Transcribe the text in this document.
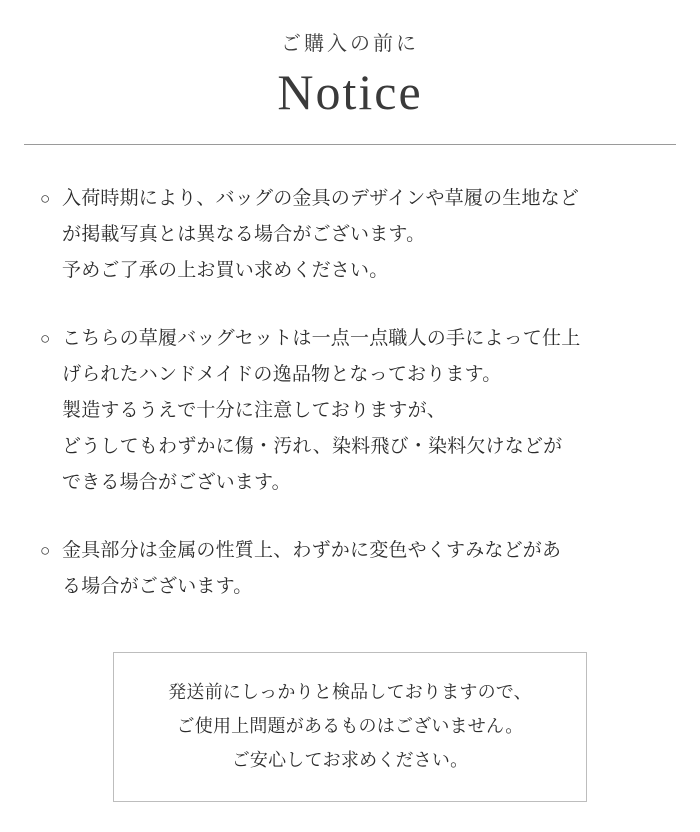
ご購入の前に
Notice
○ 入荷時期により、バッグの金具のデザインや草履の生地など
が掲載写真とは異なる場合がございます。
予めご了承の上お買い求めください。
○ こちらの草履バッグセットは一点一点職人の手によって仕上
げられたハンドメイドの逸品物となっております。
製造するうえで十分に注意しておりますが、
どうしてもわずかに傷・汚れ、染料飛び・染料欠けなどが
できる場合がございます。
○ 金具部分は金属の性質上、わずかに変色やくすみなどがあ
る場合がございます。
発送前にしっかりと検品しておりますので、
ご使用上問題があるものはございません。
ご安心してお求めください。
